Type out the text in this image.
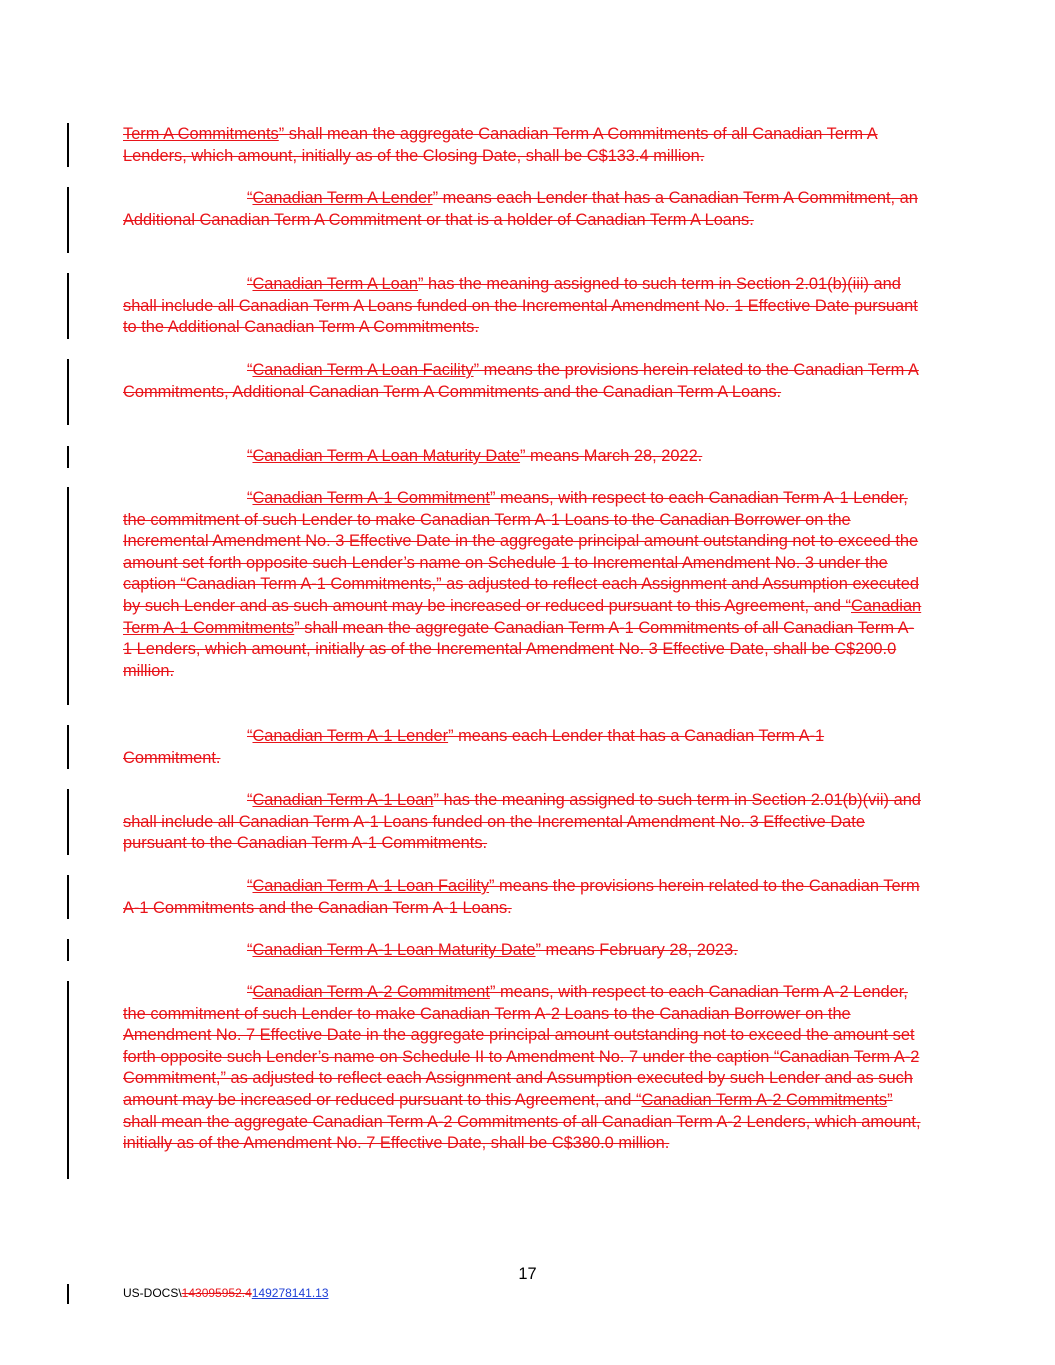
Term A Commitments” shall mean the aggregate Canadian Term A Commitments of all Canadian Term A Lenders, which amount, initially as of the Closing Date, shall be C$133.4 million.

“Canadian Term A Lender” means each Lender that has a Canadian Term A Commitment, an Additional Canadian Term A Commitment or that is a holder of Canadian Term A Loans.

“Canadian Term A Loan” has the meaning assigned to such term in Section 2.01(b)(iii) and shall include all Canadian Term A Loans funded on the Incremental Amendment No. 1 Effective Date pursuant to the Additional Canadian Term A Commitments.

“Canadian Term A Loan Facility” means the provisions herein related to the Canadian Term A Commitments, Additional Canadian Term A Commitments and the Canadian Term A Loans.

“Canadian Term A Loan Maturity Date” means March 28, 2022.

“Canadian Term A-1 Commitment” means, with respect to each Canadian Term A-1 Lender, the commitment of such Lender to make Canadian Term A-1 Loans to the Canadian Borrower on the Incremental Amendment No. 3 Effective Date in the aggregate principal amount outstanding not to exceed the amount set forth opposite such Lender’s name on Schedule 1 to Incremental Amendment No. 3 under the caption “Canadian Term A-1 Commitments,” as adjusted to reflect each Assignment and Assumption executed by such Lender and as such amount may be increased or reduced pursuant to this Agreement, and “Canadian Term A-1 Commitments” shall mean the aggregate Canadian Term A-1 Commitments of all Canadian Term A-1 Lenders, which amount, initially as of the Incremental Amendment No. 3 Effective Date, shall be C$200.0 million.

“Canadian Term A-1 Lender” means each Lender that has a Canadian Term A-1 Commitment.

“Canadian Term A-1 Loan” has the meaning assigned to such term in Section 2.01(b)(vii) and shall include all Canadian Term A-1 Loans funded on the Incremental Amendment No. 3 Effective Date pursuant to the Canadian Term A-1 Commitments.

“Canadian Term A-1 Loan Facility” means the provisions herein related to the Canadian Term A-1 Commitments and the Canadian Term A-1 Loans.

“Canadian Term A-1 Loan Maturity Date” means February 28, 2023.

“Canadian Term A-2 Commitment” means, with respect to each Canadian Term A-2 Lender, the commitment of such Lender to make Canadian Term A-2 Loans to the Canadian Borrower on the Amendment No. 7 Effective Date in the aggregate principal amount outstanding not to exceed the amount set forth opposite such Lender’s name on Schedule II to Amendment No. 7 under the caption “Canadian Term A-2 Commitment,” as adjusted to reflect each Assignment and Assumption executed by such Lender and as such amount may be increased or reduced pursuant to this Agreement, and “Canadian Term A-2 Commitments” shall mean the aggregate Canadian Term A-2 Commitments of all Canadian Term A-2 Lenders, which amount, initially as of the Amendment No. 7 Effective Date, shall be C$380.0 million.

17
US-DOCS\143095952.4149278141.13
